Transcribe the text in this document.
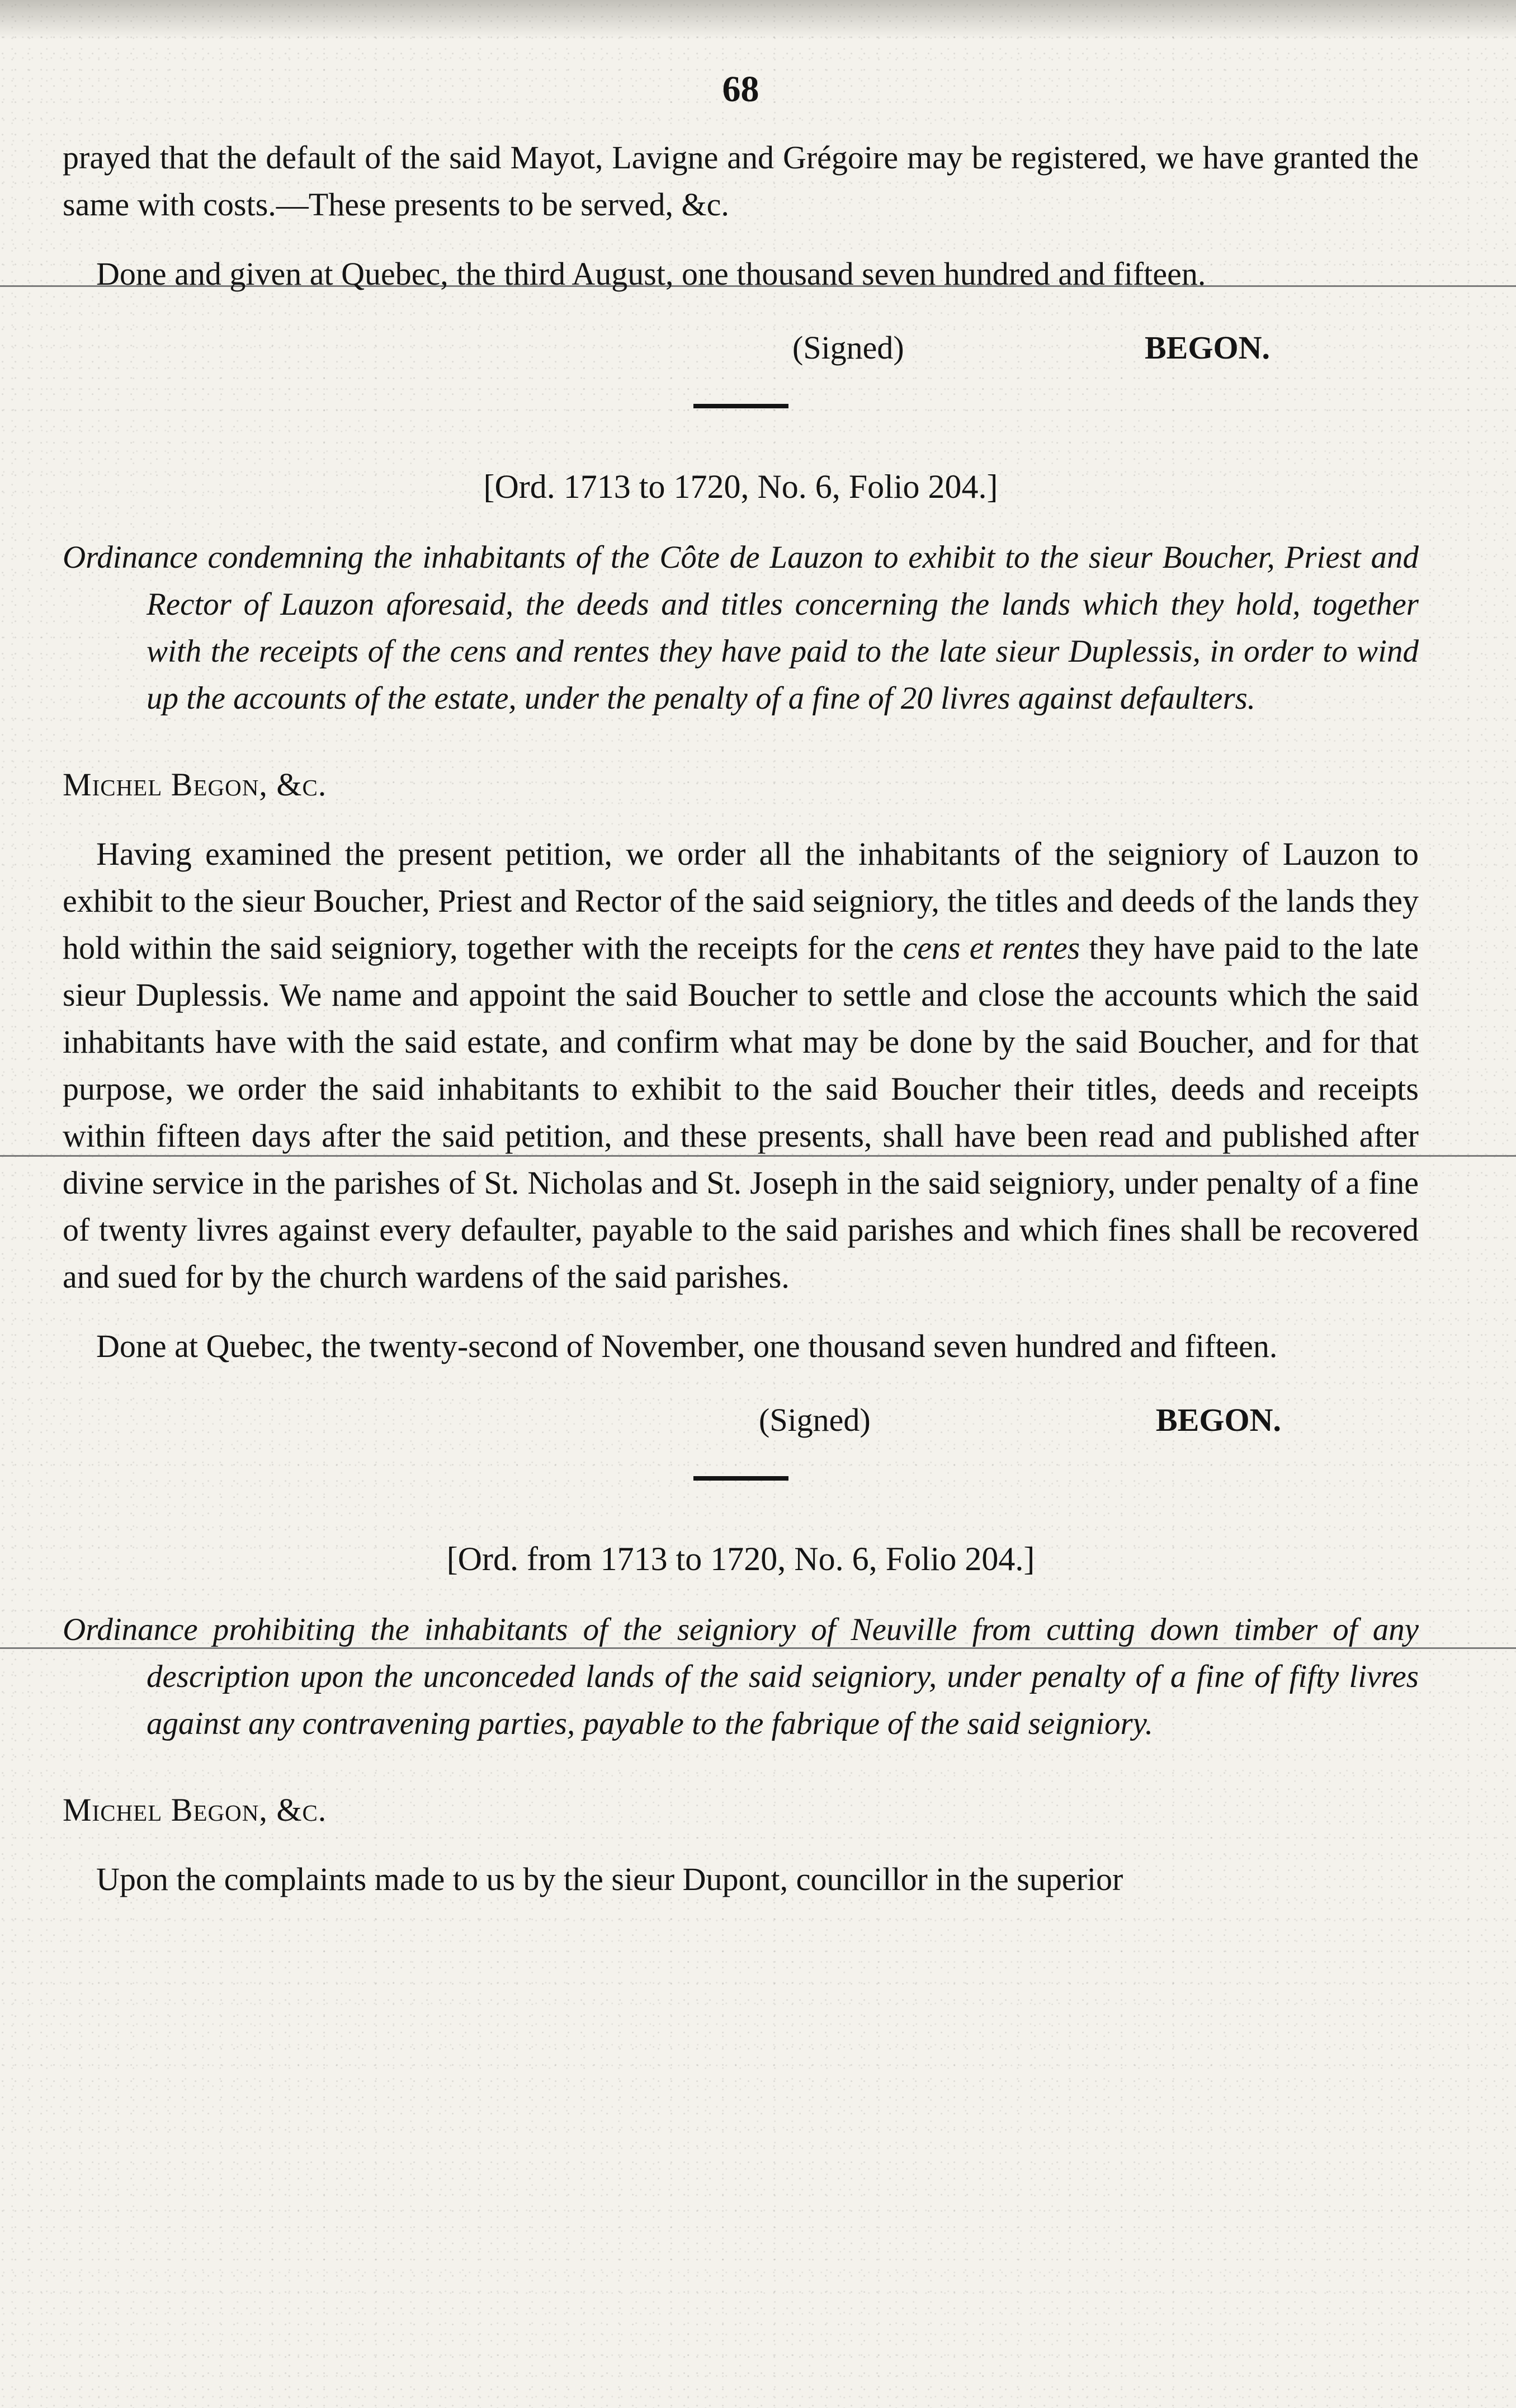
68

prayed that the default of the said Mayot, Lavigne and Grégoire may be registered, we have granted the same with costs.—These presents to be served, &c.

Done and given at Quebec, the third August, one thousand seven hundred and fifteen.

(Signed)	BEGON.
[Ord. 1713 to 1720, No. 6, Folio 204.]

Ordinance condemning the inhabitants of the Côte de Lauzon to exhibit to the sieur Boucher, Priest and Rector of Lauzon aforesaid, the deeds and titles concerning the lands which they hold, together with the receipts of the cens and rentes they have paid to the late sieur Duplessis, in order to wind up the accounts of the estate, under the penalty of a fine of 20 livres against defaulters.

Michel Begon, &c.

Having examined the present petition, we order all the inhabitants of the seigniory of Lauzon to exhibit to the sieur Boucher, Priest and Rector of the said seigniory, the titles and deeds of the lands they hold within the said seigniory, together with the receipts for the cens et rentes they have paid to the late sieur Duplessis. We name and appoint the said Boucher to settle and close the accounts which the said inhabitants have with the said estate, and confirm what may be done by the said Boucher, and for that purpose, we order the said inhabitants to exhibit to the said Boucher their titles, deeds and receipts within fifteen days after the said petition, and these presents, shall have been read and published after divine service in the parishes of St. Nicholas and St. Joseph in the said seigniory, under penalty of a fine of twenty livres against every defaulter, payable to the said parishes and which fines shall be recovered and sued for by the church wardens of the said parishes.

Done at Quebec, the twenty-second of November, one thousand seven hundred and fifteen.

(Signed)	BEGON.
[Ord. from 1713 to 1720, No. 6, Folio 204.]

Ordinance prohibiting the inhabitants of the seigniory of Neuville from cutting down timber of any description upon the unconceded lands of the said seigniory, under penalty of a fine of fifty livres against any contravening parties, payable to the fabrique of the said seigniory.

Michel Begon, &c.

Upon the complaints made to us by the sieur Dupont, councillor in the superior
